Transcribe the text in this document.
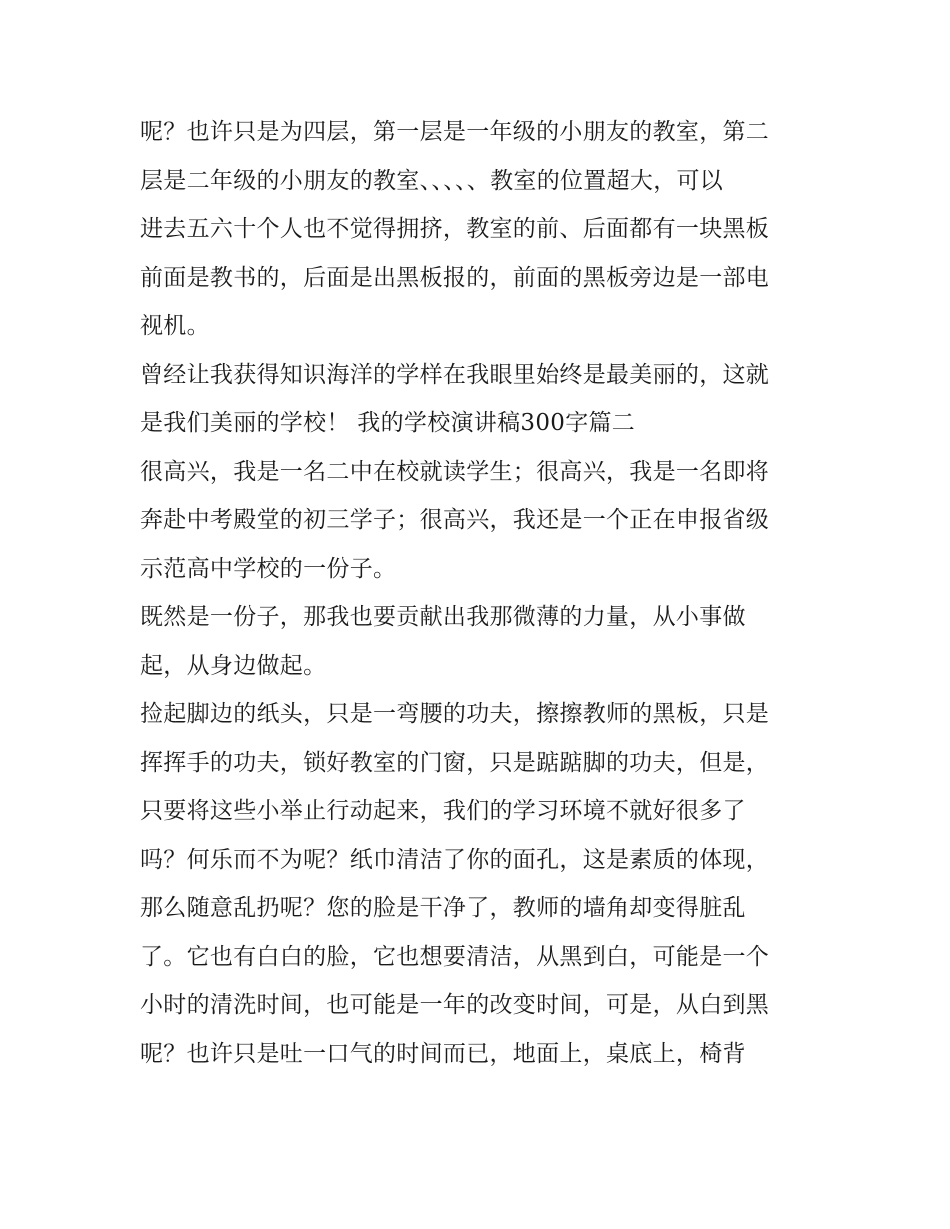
呢？也许只是为四层，第一层是一年级的小朋友的教室，第二
层是二年级的小朋友的教室、、、、、教室的位置超大，可以
进去五六十个人也不觉得拥挤，教室的前、后面都有一块黑板
前面是教书的，后面是出黑板报的，前面的黑板旁边是一部电
视机。
曾经让我获得知识海洋的学样在我眼里始终是最美丽的，这就
是我们美丽的学校！ 我的学校演讲稿300字篇二
很高兴，我是一名二中在校就读学生；很高兴，我是一名即将
奔赴中考殿堂的初三学子；很高兴，我还是一个正在申报省级
示范高中学校的一份子。
既然是一份子，那我也要贡献出我那微薄的力量，从小事做
起，从身边做起。
捡起脚边的纸头，只是一弯腰的功夫，擦擦教师的黑板，只是
挥挥手的功夫，锁好教室的门窗，只是踮踮脚的功夫，但是，
只要将这些小举止行动起来，我们的学习环境不就好很多了
吗？何乐而不为呢？纸巾清洁了你的面孔，这是素质的体现，
那么随意乱扔呢？您的脸是干净了，教师的墙角却变得脏乱
了。它也有白白的脸，它也想要清洁，从黑到白，可能是一个
小时的清洗时间，也可能是一年的改变时间，可是，从白到黑
呢？也许只是吐一口气的时间而已，地面上，桌底上，椅背
